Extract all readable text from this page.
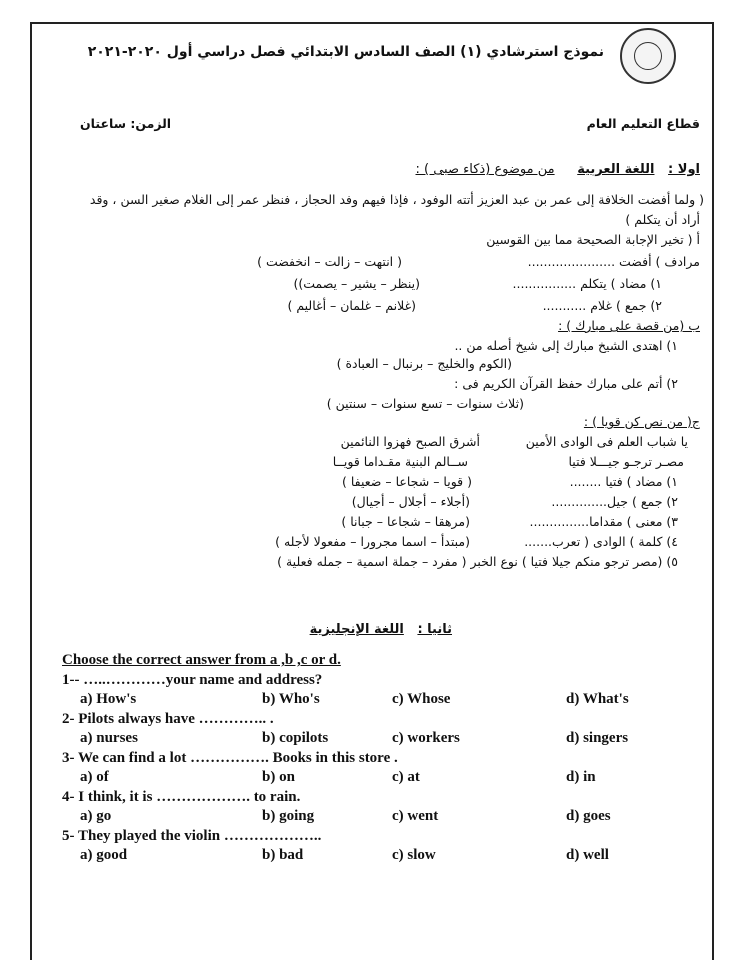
نموذج استرشادي (١) الصف السادس الابتدائي فصل دراسي أول ٢٠٢٠-٢٠٢١
قطاع التعليم العام
الزمن: ساعتان
اولا :   اللغة العربية     من موضوع (ذكاء صبى ) :
( ولما أفضت الخلافة إلى عمر بن عبد العزيز أتته الوفود ، فإذا فيهم وفد الحجاز ، فنظر عمر إلى الغلام صغير السن ، وقد
أراد أن يتكلم )
أ ( تخير الإجابة الصحيحة مما بين القوسين
مرادف ) أفضت ......................
( انتهت – زالت – انخفضت )
١) مضاد ) يتكلم ................
(ينظر – يشير – يصمت))
٢) جمع ) غلام ...........
(غلانم – غلمان – أغاليم )
ب (من قصة على مبارك ) :
١) اهتدى الشيخ مبارك إلى شيخ أصله من ..
(الكوم والخليج – برنبال – العبادة )
٢) أتم على مبارك حفظ القرآن الكريم فى :
(ثلاث سنوات – تسع سنوات – سنتين )
ج( من نص كن قويا ) :
يا شباب العلم فى الوادى الأمين
أشرق الصبح فهزوا النائمين
مصـر ترجـو جيـــلا فتيا
ســالم البنية مقـداما قويــا
١) مضاد ) فتيا ........
( قويا – شجاعا – ضعيفا )
٢) جمع ) جيل..............
(أجلاء – أجلال – أجيال)
٣) معنى ) مقداما...............
(مرهقا – شجاعا – جبانا )
٤) كلمة ) الوادى ( تعرب.......
(مبتدأ – اسما مجرورا – مفعولا لأجله )
٥) (مصر ترجو منكم جيلا فتيا ) نوع الخبر ( مفرد – جملة اسمية – جمله فعلية )
ثانيا :   اللغة الإنجليزية
Choose the correct answer from a ,b ,c or d.
1-- …..…………your name and address?
a) How's	b) Who's	c) Whose	d) What's
2- Pilots always have ………….. .
a) nurses	b) copilots	c) workers	d) singers
3- We can find a lot ……………. Books in this store .
a) of	b) on	c) at	d) in
4- I think, it is ………………. to rain.
a) go	b) going	c) went	d) goes
5- They played the violin ………………..
a) good	b) bad	c) slow	d) well
